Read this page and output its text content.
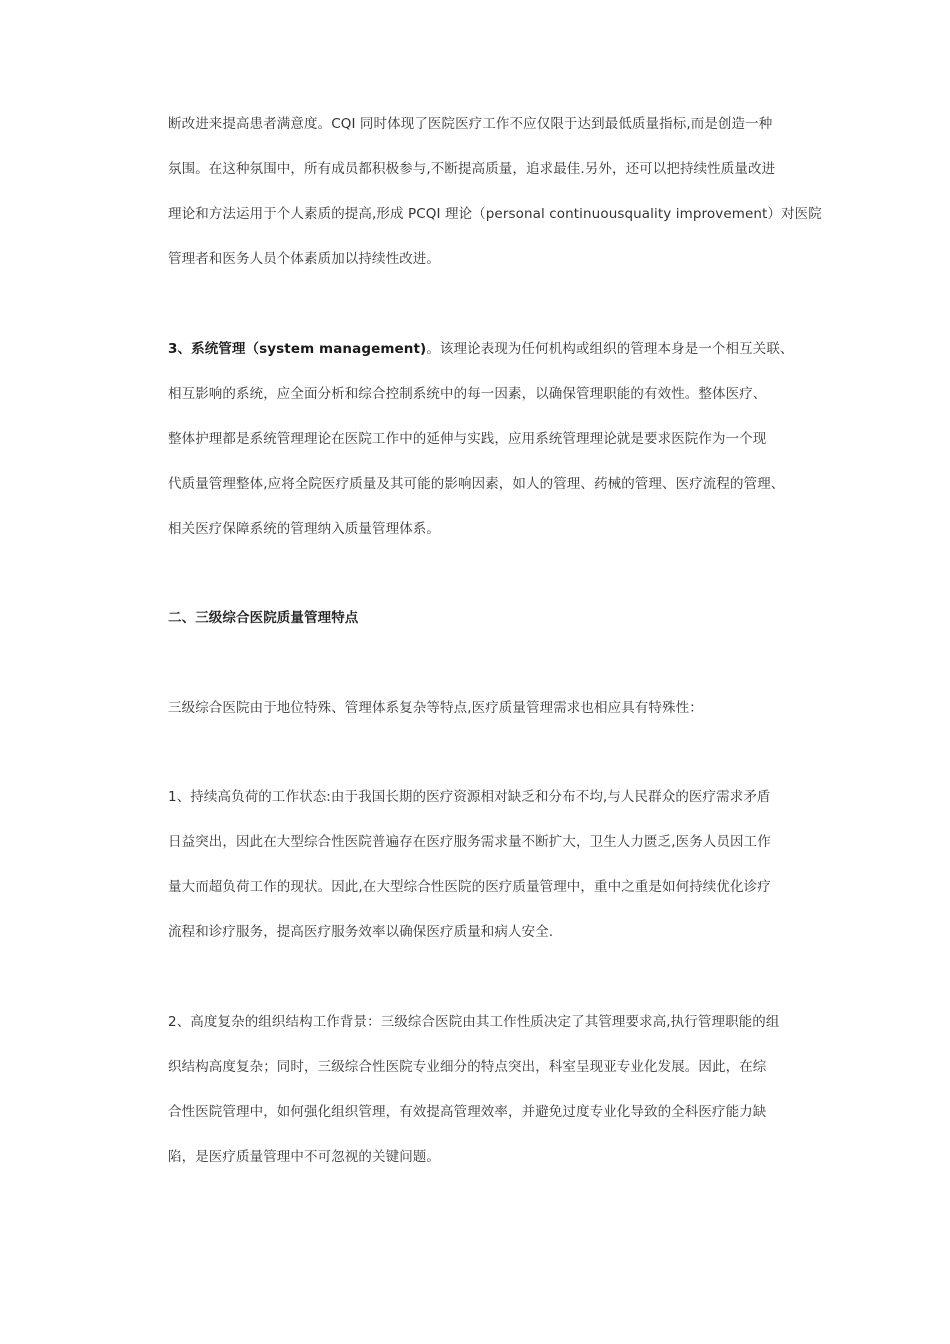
断改进来提高患者满意度。CQI 同时体现了医院医疗工作不应仅限于达到最低质量指标,而是创造一种
氛围。在这种氛围中，所有成员都积极参与,不断提高质量，追求最佳.另外，还可以把持续性质量改进
理论和方法运用于个人素质的提高,形成 PCQI 理论（personal continuousquality improvement）对医院
管理者和医务人员个体素质加以持续性改进。
3、系统管理（system management)。该理论表现为任何机构或组织的管理本身是一个相互关联、
相互影响的系统，应全面分析和综合控制系统中的每一因素，以确保管理职能的有效性。整体医疗、
整体护理都是系统管理理论在医院工作中的延伸与实践，应用系统管理理论就是要求医院作为一个现
代质量管理整体,应将全院医疗质量及其可能的影响因素，如人的管理、药械的管理、医疗流程的管理、
相关医疗保障系统的管理纳入质量管理体系。
二、三级综合医院质量管理特点
三级综合医院由于地位特殊、管理体系复杂等特点,医疗质量管理需求也相应具有特殊性：
1、持续高负荷的工作状态:由于我国长期的医疗资源相对缺乏和分布不均,与人民群众的医疗需求矛盾
日益突出，因此在大型综合性医院普遍存在医疗服务需求量不断扩大，卫生人力匮乏,医务人员因工作
量大而超负荷工作的现状。因此,在大型综合性医院的医疗质量管理中，重中之重是如何持续优化诊疗
流程和诊疗服务，提高医疗服务效率以确保医疗质量和病人安全.
2、高度复杂的组织结构工作背景：三级综合医院由其工作性质决定了其管理要求高,执行管理职能的组
织结构高度复杂；同时，三级综合性医院专业细分的特点突出，科室呈现亚专业化发展。因此，在综
合性医院管理中，如何强化组织管理，有效提高管理效率，并避免过度专业化导致的全科医疗能力缺
陷，是医疗质量管理中不可忽视的关键问题。
